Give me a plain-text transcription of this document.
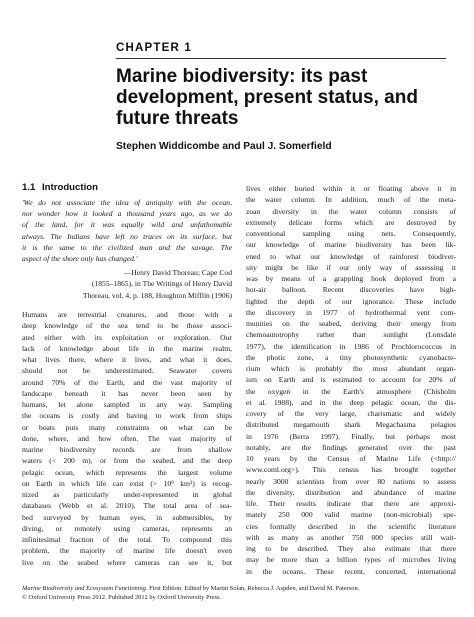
CHAPTER 1
Marine biodiversity: its past
development, present status, and
future threats
Stephen Widdicombe and Paul J. Somerfield
1.1 Introduction
'We do not associate the idea of antiquity with the ocean,
nor wonder how it looked a thousand years ago, as we do
of the land, for it was equally wild and unfathomable
always. The Indians have left no traces on its surface, but
it is the same to the civilized man and the savage. The
aspect of the shore only has changed.'
—Henry David Thoreau; Cape Cod
(1855–1865), in The Writings of Henry David
Thoreau, vol. 4, p. 188, Houghton Mifflin (1906)
Humans are terrestrial creatures, and those with a
deep knowledge of the sea tend to be those associ-
ated either with its exploitation or exploration. Our
lack of knowledge about life in the marine realm,
what lives there, where it lives, and what it does,
should not be underestimated. Seawater covers
around 70% of the Earth, and the vast majority of
landscape beneath it has never been seen by
humans, let alone sampled in any way. Sampling
the oceans is costly and having to work from ships
or boats puts many constraints on what can be
done, where, and how often. The vast majority of
marine biodiversity records are from shallow
waters (< 200 m), or from the seabed, and the deep
pelagic ocean, which represents the largest volume
on Earth in which life can exist (> 10⁹ km³) is recog-
nized as particularly under-represented in global
databases (Webb et al. 2010). The total area of sea-
bed surveyed by human eyes, in submersibles, by
diving, or remotely using cameras, represents an
infinitesimal fraction of the total. To compound this
problem, the majority of marine life doesn't even
live on the seabed where cameras can see it, but
lives either buried within it or floating above it in
the water column. In addition, much of the meta-
zoan diversity in the water column consists of
extremely delicate forms which are destroyed by
conventional sampling using nets. Consequently,
our knowledge of marine biodiversity has been lik-
ened to what our knowledge of rainforest biodiver-
sity might be like if our only way of assessing it
was by means of a grappling hook deployed from a
hot-air balloon. Recent discoveries have high-
lighted the depth of our ignorance. These include
the discovery in 1977 of hydrothermal vent com-
munities on the seabed, deriving their energy from
chemoautotrophy rather than sunlight (Lonsdale
1977), the identification in 1986 of Prochlorococcus in
the photic zone, a tiny photosynthetic cyanobacte-
rium which is probably the most abundant organ-
ism on Earth and is estimated to account for 20% of
the oxygen in the Earth's atmosphere (Chisholm
et al. 1988), and in the deep pelagic ocean, the dis-
covery of the very large, charismatic and widely
distributed megamouth shark Megachasma pelagios
in 1976 (Berra 1997). Finally, but perhaps most
notably, are the findings generated over the past
10 years by the Census of Marine Life (<http://
www.coml.org>). This census has brought together
nearly 3000 scientists from over 80 nations to assess
the diversity, distribution and abundance of marine
life. Their results indicate that there are approxi-
mately 250 000 valid marine (non-microbial) spe-
cies formally described in the scientific literature
with as many as another 750 000 species still wait-
ing to be described. They also estimate that there
may be more than a billion types of microbes living
in the oceans. These recent, concerted, international
Marine Biodiversity and Ecosystem Functioning. First Edition. Edited by Martin Solan, Rebecca J. Aspden, and David M. Paterson.
© Oxford University Press 2012. Published 2012 by Oxford University Press.
